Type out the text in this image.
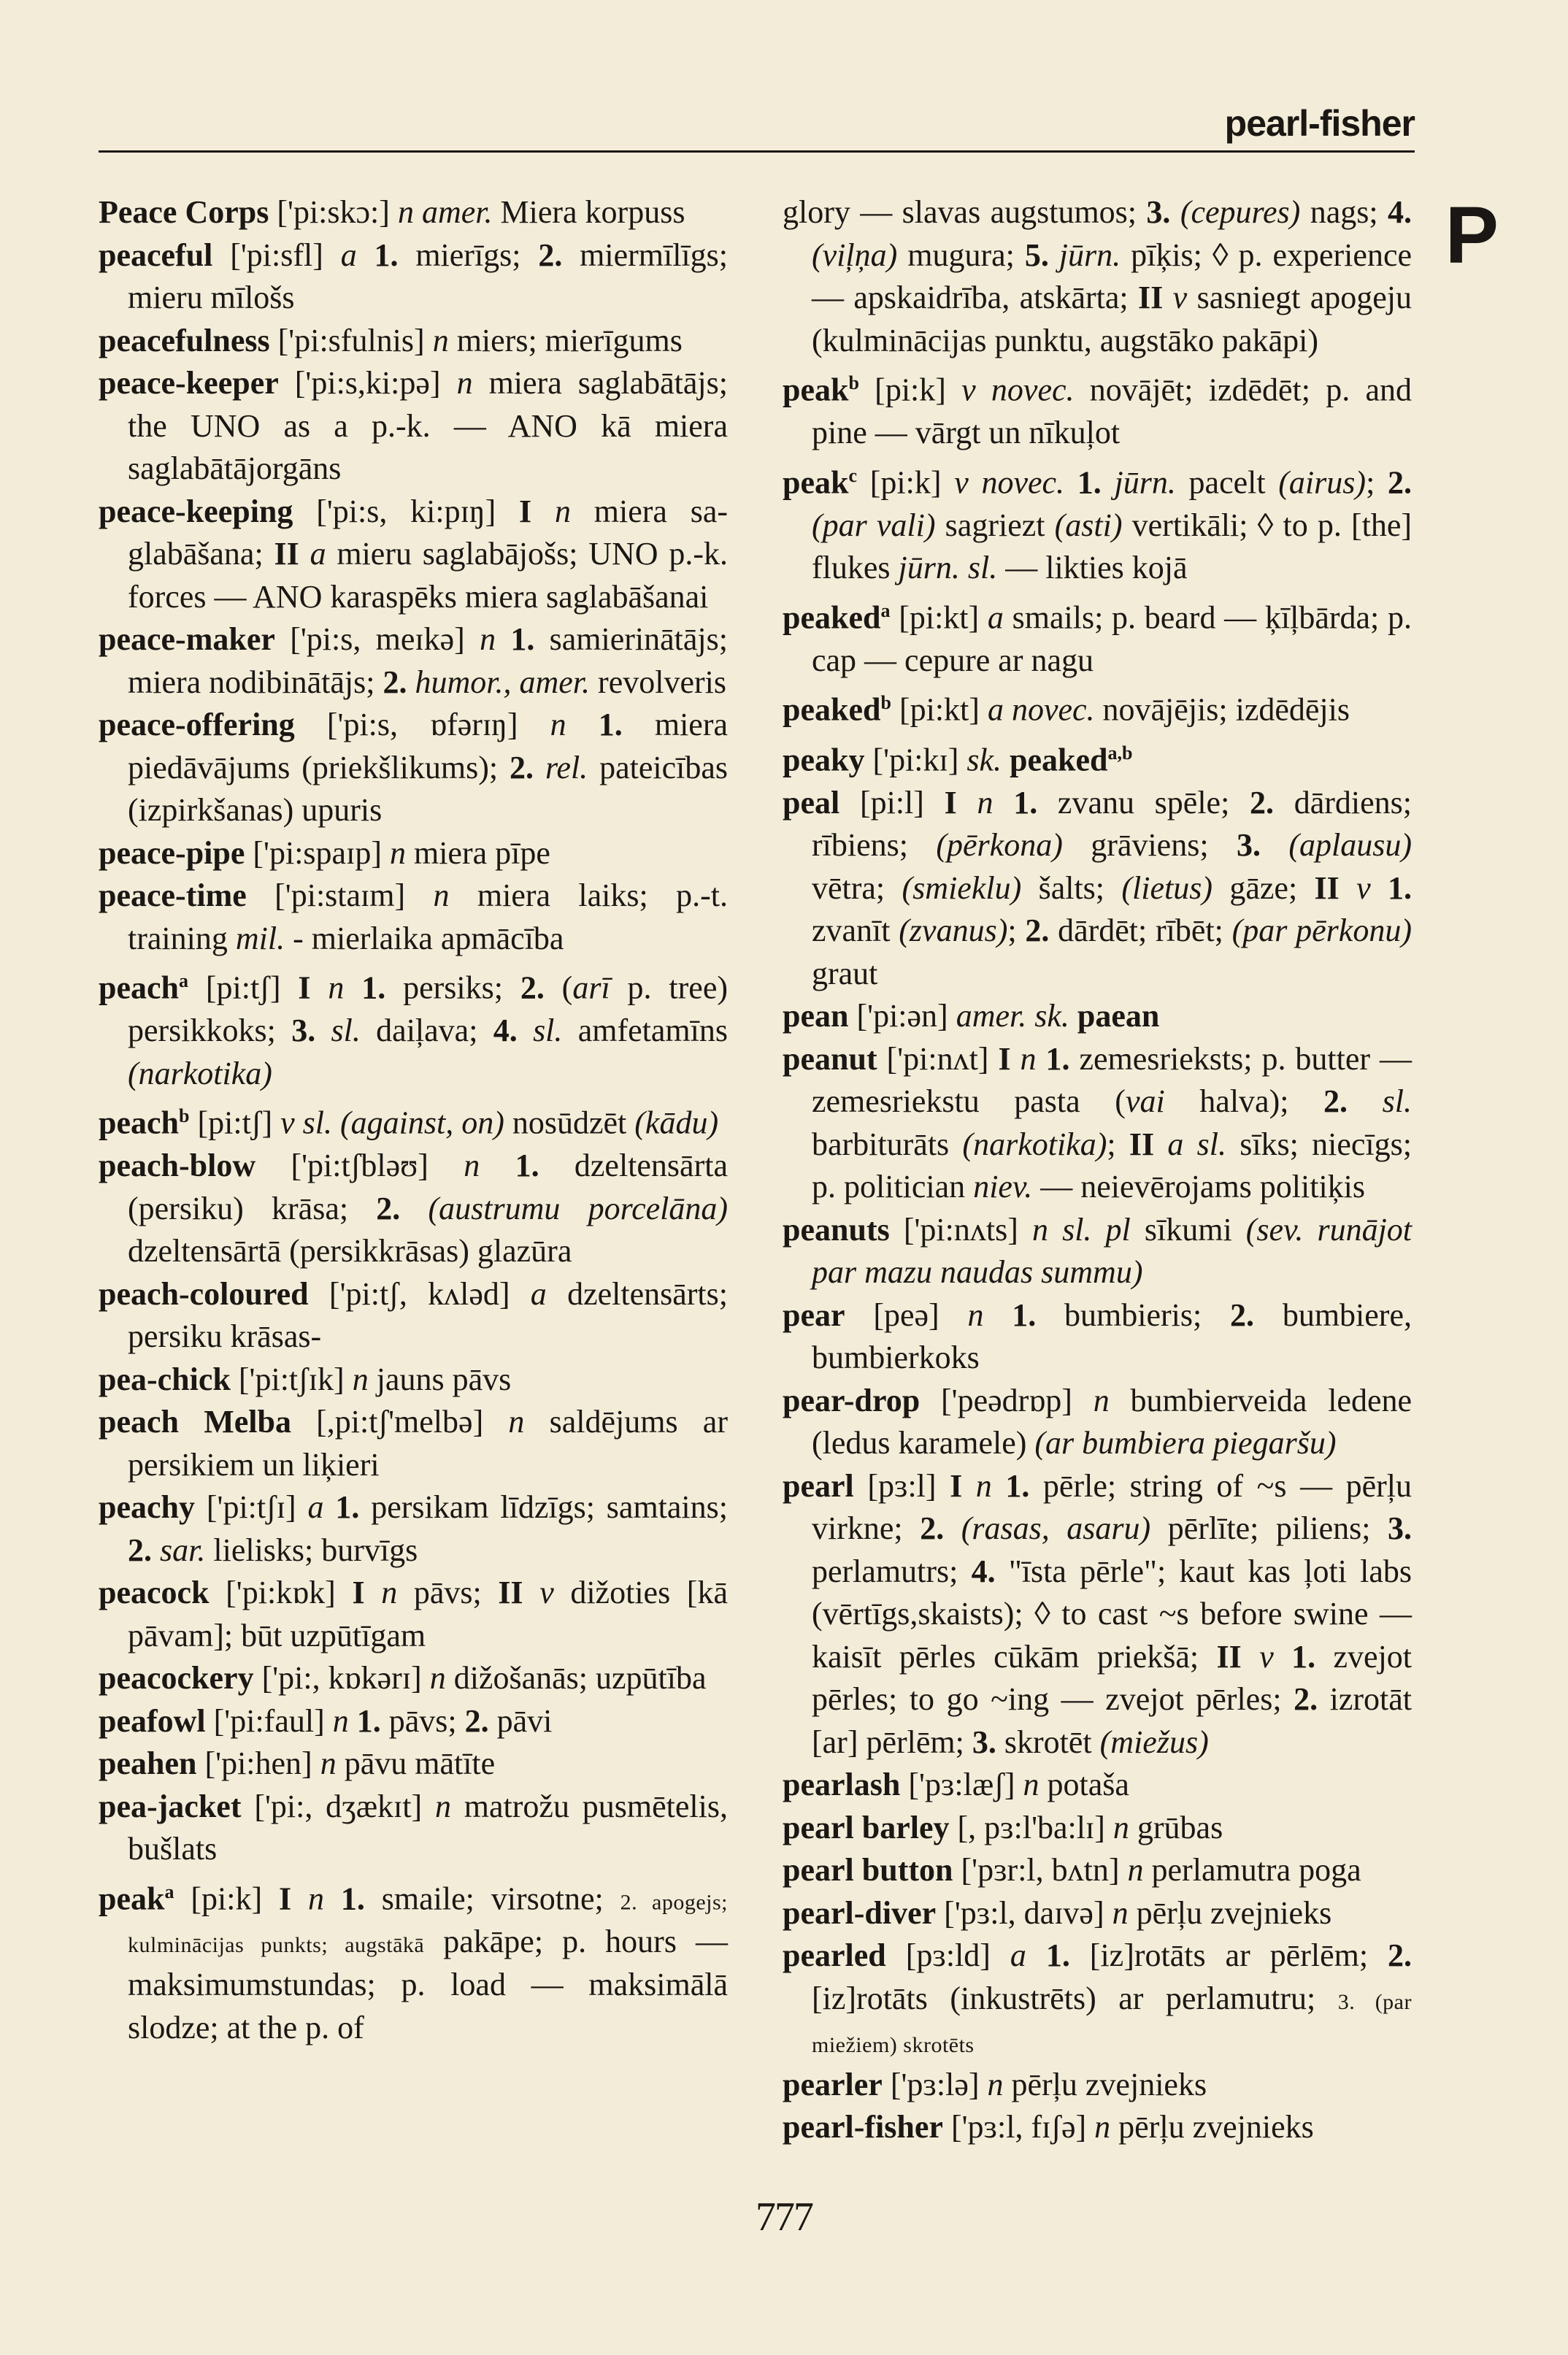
pearl-fisher
P

Peace Corps ['pi:skɔ:] n amer. Miera korpuss

peaceful ['pi:sfl] a 1. mierīgs; 2. miermīlīgs; mieru mīlošs

peacefulness ['pi:sfulnis] n miers; mierīgums

peace-keeper ['pi:s,ki:pə] n miera saglabātājs; the UNO as a p.-k. — ANO kā miera saglabātājorgāns

peace-keeping ['pi:s, ki:pɪŋ] I n miera saglabāšana; II a mieru saglabājošs; UNO p.-k. forces — ANO karaspēks miera saglabāšanai

peace-maker ['pi:s, meɪkə] n 1. samierinātājs; miera nodibinātājs; 2. humor., amer. revolveris

peace-offering ['pi:s, ɒfərɪŋ] n 1. miera piedāvājums (priekšlikums); 2. rel. pateicības (izpirkšanas) upuris

peace-pipe ['pi:spaɪp] n miera pīpe

peace-time ['pi:staɪm] n miera laiks; p.-t. training mil. - mierlaika apmācība

peach$^a$ [pi:tʃ] I n 1. persiks; 2. (arī p. tree) persikkoks; 3. sl. daiļava; 4. sl. amfetamīns (narkotika)

peach$^b$ [pi:tʃ] v sl. (against, on) nosūdzēt (kādu)

peach-blow ['pi:tʃbləʊ] n 1. dzeltensārta (persiku) krāsa; 2. (austrumu porcelāna) dzeltensārtā (persikkrāsas) glazūra

peach-coloured ['pi:tʃ, kʌləd] a dzeltensārts; persiku krāsas-

pea-chick ['pi:tʃɪk] n jauns pāvs

peach Melba [,pi:tʃ'melbə] n saldējums ar persikiem un liķieri

peachy ['pi:tʃɪ] a 1. persikam līdzīgs; samtains; 2. sar. lielisks; burvīgs

peacock ['pi:kɒk] I n pāvs; II v dižoties [kā pāvam]; būt uzpūtīgam

peacockery ['pi:, kɒkərɪ] n dižošanās; uzpūtība

peafowl ['pi:faul] n 1. pāvs; 2. pāvi

peahen ['pi:hen] n pāvu mātīte

pea-jacket ['pi:, dʒækɪt] n matrožu pusmētelis, bušlats

peak$^a$ [pi:k] I n 1. smaile; virsotne; 2. apogejs; kulminācijas punkts; augstākā pakāpe; p. hours — maksimumstundas; p. load — maksimālā slodze; at the p. of

glory — slavas augstumos; 3. (cepures) nags; 4. (viļņa) mugura; 5. jūrn. pīķis; ◊ p. experience — apskaidrība, atskārta; II v sasniegt apogeju (kulminācijas punktu, augstāko pakāpi)

peak$^b$ [pi:k] v novec. novājēt; izdēdēt; p. and pine — vārgt un nīkuļot

peak$^c$ [pi:k] v novec. 1. jūrn. pacelt (airus); 2. (par vali) sagriezt (asti) vertikāli; ◊ to p. [the] flukes jūrn. sl. — likties kojā

peaked$^a$ [pi:kt] a smails; p. beard — ķīļbārda; p. cap — cepure ar nagu

peaked$^b$ [pi:kt] a novec. novājējis; izdēdējis

peaky ['pi:kɪ] sk. peaked$^{a,b}$

peal [pi:l] I n 1. zvanu spēle; 2. dārdiens; rībiens; (pērkona) grāviens; 3. (aplausu) vētra; (smieklu) šalts; (lietus) gāze; II v 1. zvanīt (zvanus); 2. dārdēt; rībēt; (par pērkonu) graut

pean ['pi:ən] amer. sk. paean

peanut ['pi:nʌt] I n 1. zemesrieksts; p. butter — zemesriekstu pasta (vai halva); 2. sl. barbiturāts (narkotika); II a sl. sīks; niecīgs; p. politician niev. — neievērojams politiķis

peanuts ['pi:nʌts] n sl. pl sīkumi (sev. runājot par mazu naudas summu)

pear [peə] n 1. bumbieris; 2. bumbiere, bumbierkoks

pear-drop ['peədrɒp] n bumbierveida ledene (ledus karamele) (ar bumbiera piegaršu)

pearl [pɜ:l] I n 1. pērle; string of ~s — pērļu virkne; 2. (rasas, asaru) pērlīte; piliens; 3. perlamutrs; 4. "īsta pērle"; kaut kas ļoti labs (vērtīgs,skaists); ◊ to cast ~s before swine — kaisīt pērles cūkām priekšā; II v 1. zvejot pērles; to go ~ing — zvejot pērles; 2. izrotāt [ar] pērlēm; 3. skrotēt (miežus)

pearlash ['pɜ:læʃ] n potaša

pearl barley [, pɜ:l'ba:lɪ] n grūbas

pearl button ['pɜr:l, bʌtn] n perlamutra poga

pearl-diver ['pɜ:l, daɪvə] n pērļu zvejnieks

pearled [pɜ:ld] a 1. [iz]rotāts ar pērlēm; 2. [iz]rotāts (inkustrēts) ar perlamutru; 3. (par miežiem) skrotēts

pearler ['pɜ:lə] n pērļu zvejnieks

pearl-fisher ['pɜ:l, fɪʃə] n pērļu zvejnieks

777
